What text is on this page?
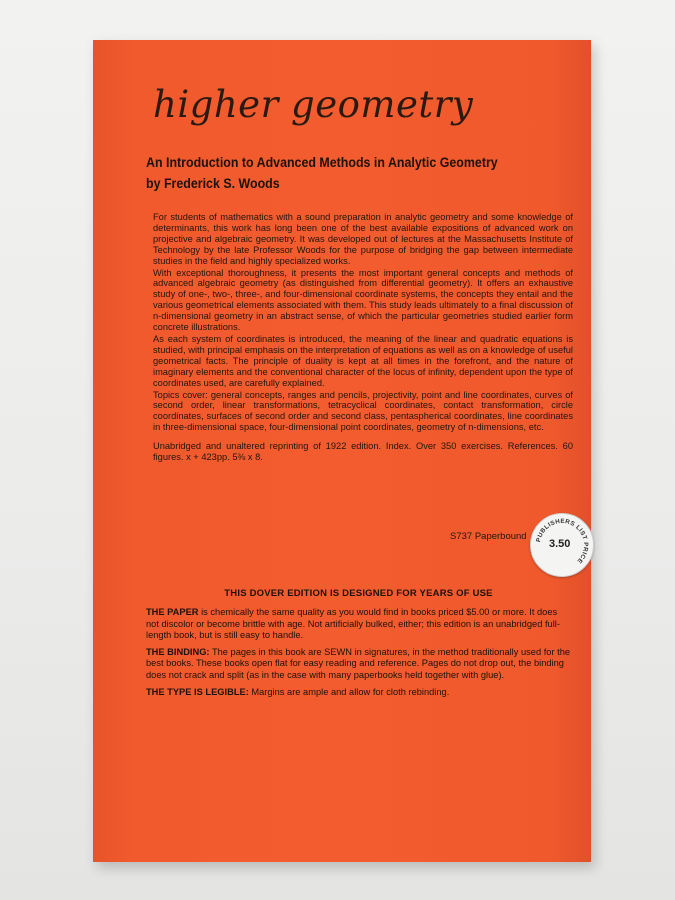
higher geometry
An Introduction to Advanced Methods in Analytic Geometry
by Frederick S. Woods

For students of mathematics with a sound preparation in analytic geometry and some knowledge of determinants, this work has long been one of the best available expositions of advanced work on projective and algebraic geometry. It was developed out of lectures at the Massachusetts Institute of Technology by the late Professor Woods for the purpose of bridging the gap between intermediate studies in the field and highly specialized works.

With exceptional thoroughness, it presents the most important general concepts and methods of advanced algebraic geometry (as distinguished from differential geometry). It offers an exhaustive study of one-, two-, three-, and four-dimensional coordinate systems, the concepts they entail and the various geometrical elements associated with them. This study leads ultimately to a final discussion of n-dimensional geometry in an abstract sense, of which the particular geometries studied earlier form concrete illustrations.

As each system of coordinates is introduced, the meaning of the linear and quadratic equations is studied, with principal emphasis on the interpretation of equations as well as on a knowledge of useful geometrical facts. The principle of duality is kept at all times in the forefront, and the nature of imaginary elements and the conventional character of the locus of infinity, dependent upon the type of coordinates used, are carefully explained.

Topics cover: general concepts, ranges and pencils, projectivity, point and line coordinates, curves of second order, linear transformations, tetracyclical coordinates, contact transformation, circle coordinates, surfaces of second order and second class, pentaspherical coordinates, line coordinates in three-dimensional space, four-dimensional point coordinates, geometry of n-dimensions, etc.

Unabridged and unaltered reprinting of 1922 edition. Index. Over 350 exercises. References. 60 figures. x + 423pp. 5⅜ x 8.

S737 Paperbound PUBLISHERS LIST PRICE
3.50
THIS DOVER EDITION IS DESIGNED FOR YEARS OF USE

THE PAPER is chemically the same quality as you would find in books priced $5.00 or more. It does not discolor or become brittle with age. Not artificially bulked, either; this edition is an unabridged full-length book, but is still easy to handle.

THE BINDING: The pages in this book are SEWN in signatures, in the method traditionally used for the best books. These books open flat for easy reading and reference. Pages do not drop out, the binding does not crack and split (as in the case with many paperbooks held together with glue).

THE TYPE IS LEGIBLE: Margins are ample and allow for cloth rebinding.
